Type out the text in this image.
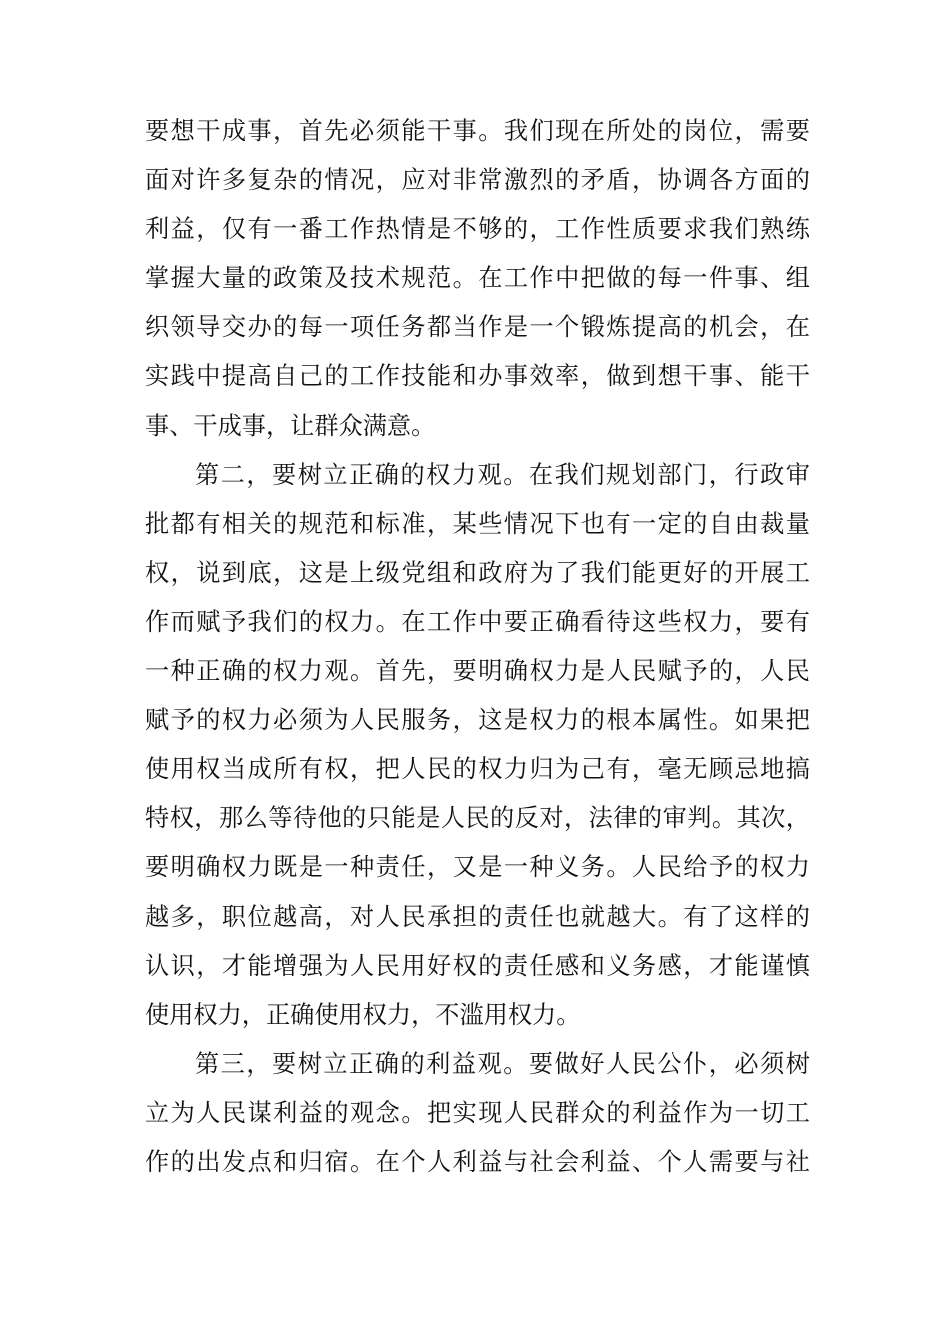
要想干成事，首先必须能干事。我们现在所处的岗位，需要
面对许多复杂的情况，应对非常激烈的矛盾，协调各方面的
利益，仅有一番工作热情是不够的，工作性质要求我们熟练
掌握大量的政策及技术规范。在工作中把做的每一件事、组
织领导交办的每一项任务都当作是一个锻炼提高的机会，在
实践中提高自己的工作技能和办事效率，做到想干事、能干
事、干成事，让群众满意。
第二，要树立正确的权力观。在我们规划部门，行政审
批都有相关的规范和标准，某些情况下也有一定的自由裁量
权，说到底，这是上级党组和政府为了我们能更好的开展工
作而赋予我们的权力。在工作中要正确看待这些权力，要有
一种正确的权力观。首先，要明确权力是人民赋予的，人民
赋予的权力必须为人民服务，这是权力的根本属性。如果把
使用权当成所有权，把人民的权力归为己有，毫无顾忌地搞
特权，那么等待他的只能是人民的反对，法律的审判。其次，
要明确权力既是一种责任，又是一种义务。人民给予的权力
越多，职位越高，对人民承担的责任也就越大。有了这样的
认识，才能增强为人民用好权的责任感和义务感，才能谨慎
使用权力，正确使用权力，不滥用权力。
第三，要树立正确的利益观。要做好人民公仆，必须树
立为人民谋利益的观念。把实现人民群众的利益作为一切工
作的出发点和归宿。在个人利益与社会利益、个人需要与社
